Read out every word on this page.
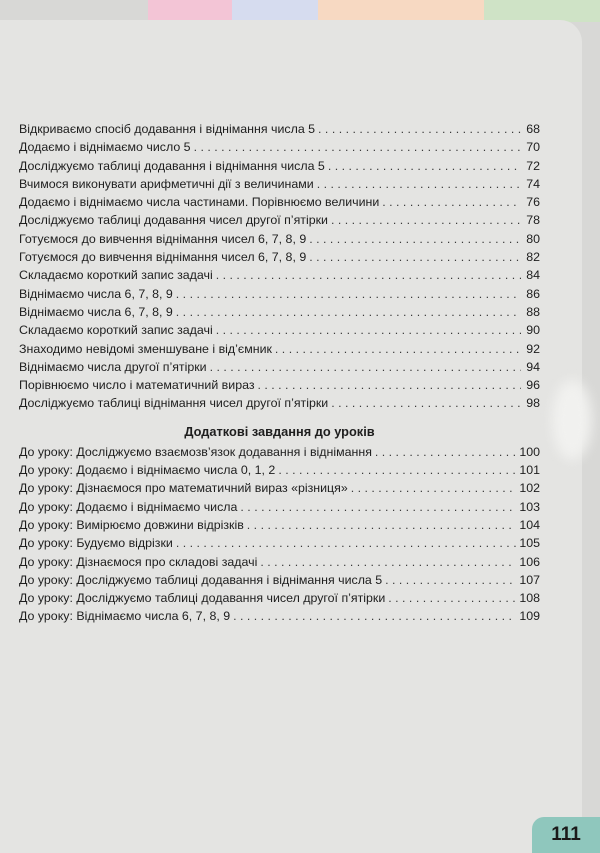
Відкриваємо спосіб додавання і віднімання числа 5 . . .	68
Додаємо і віднімаємо число 5 . . .	70
Досліджуємо таблиці додавання і віднімання числа 5 . . .	72
Вчимося виконувати арифметичні дії з величинами . . .	74
Додаємо і віднімаємо числа частинами. Порівнюємо величини . . .	76
Досліджуємо таблиці додавання чисел другої п’ятірки . . .	78
Готуємося до вивчення віднімання чисел 6, 7, 8, 9 . . .	80
Готуємося до вивчення віднімання чисел 6, 7, 8, 9 . . .	82
Складаємо короткий запис задачі . . .	84
Віднімаємо числа 6, 7, 8, 9 . . .	86
Віднімаємо числа 6, 7, 8, 9 . . .	88
Складаємо короткий запис задачі . . .	90
Знаходимо невідомі зменшуване і від’ємник . . .	92
Віднімаємо числа другої п’ятірки . . .	94
Порівнюємо число і математичний вираз . . .	96
Досліджуємо таблиці віднімання чисел другої п’ятірки . . .	98
Додаткові завдання до уроків
До уроку: Досліджуємо взаємозв’язок додавання і віднімання . . .	100
До уроку: Додаємо і віднімаємо числа 0, 1, 2 . . .	101
До уроку: Дізнаємося про математичний вираз «різниця» . . .	102
До уроку: Додаємо і віднімаємо числа . . .	103
До уроку: Вимірюємо довжини відрізків . . .	104
До уроку: Будуємо відрізки . . .	105
До уроку: Дізнаємося про складові задачі . . .	106
До уроку: Досліджуємо таблиці додавання і віднімання числа 5 . . .	107
До уроку: Досліджуємо таблиці додавання чисел другої п’ятірки . . .	108
До уроку: Віднімаємо числа 6, 7, 8, 9 . . .	109
111
